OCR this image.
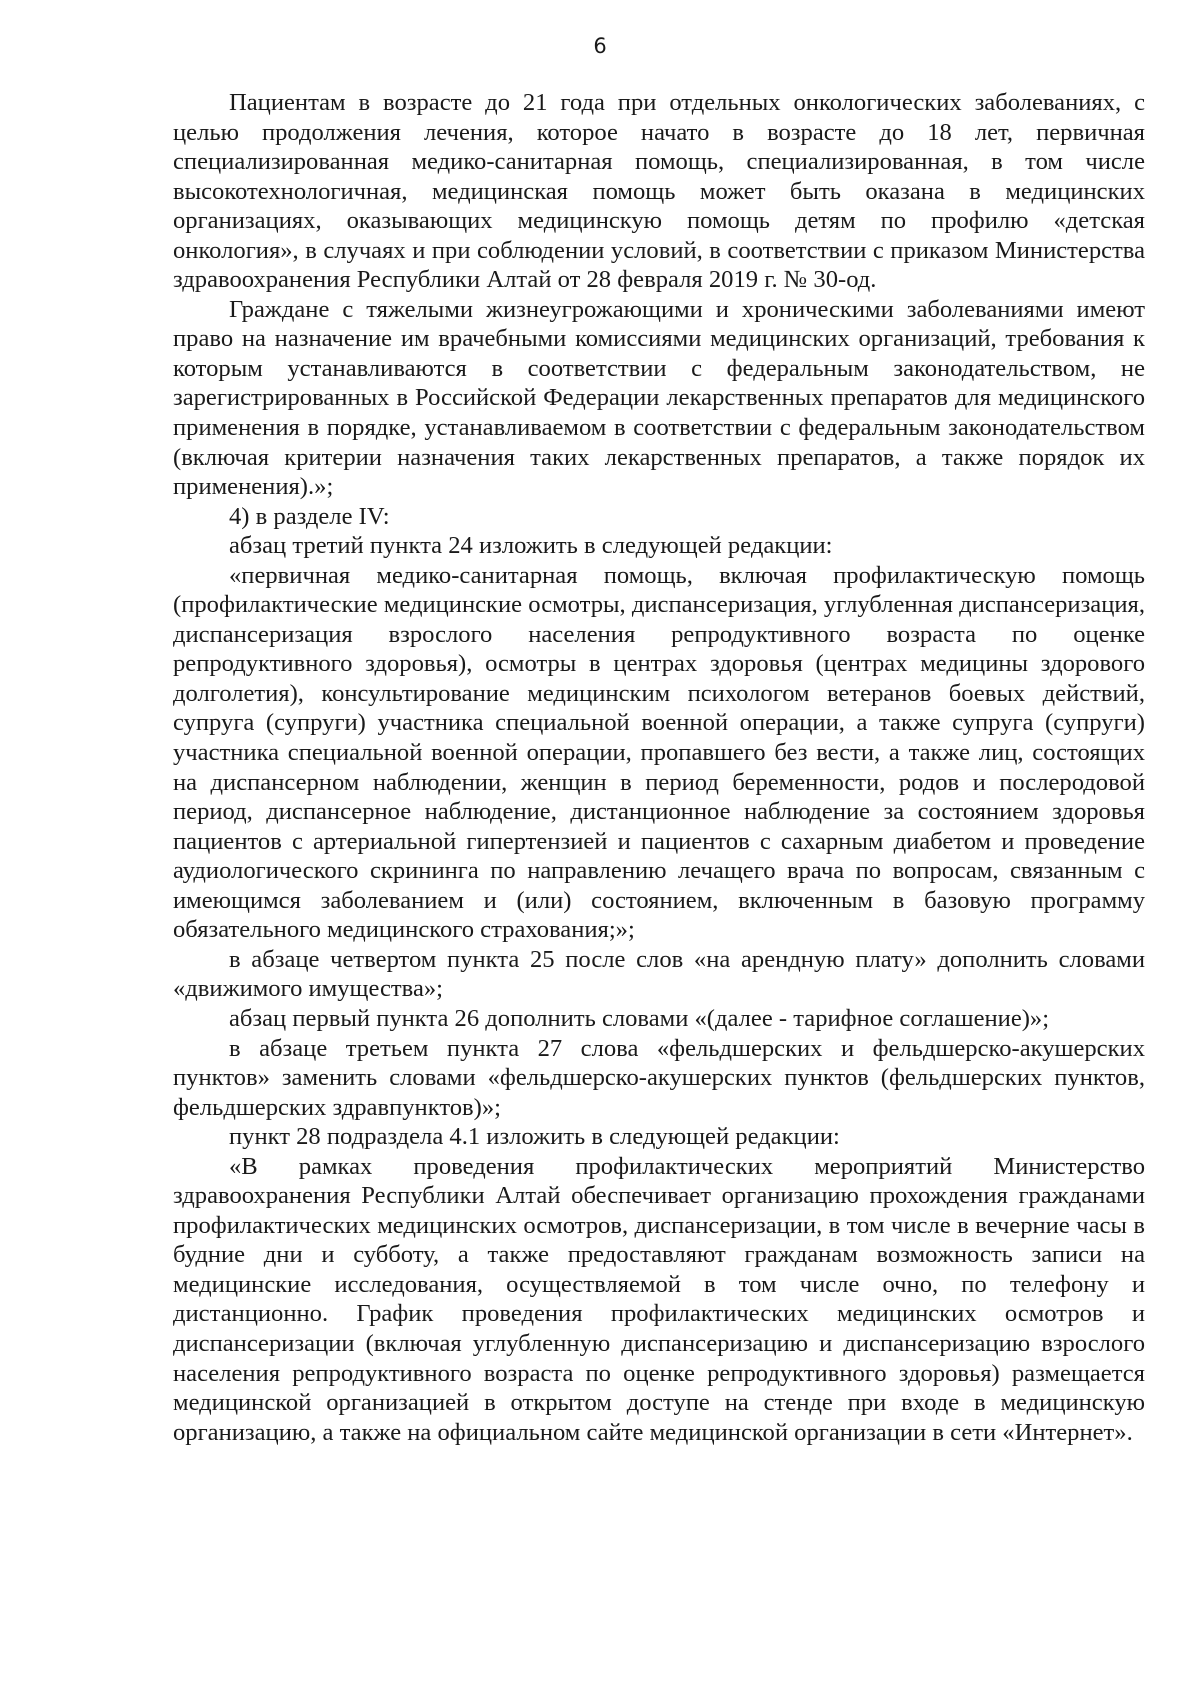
6

Пациентам в возрасте до 21 года при отдельных онкологических заболеваниях, с целью продолжения лечения, которое начато в возрасте до 18 лет, первичная специализированная медико-санитарная помощь, специализированная, в том числе высокотехнологичная, медицинская помощь может быть оказана в медицинских организациях, оказывающих медицинскую помощь детям по профилю «детская онкология», в случаях и при соблюдении условий, в соответствии с приказом Министерства здравоохранения Республики Алтай от 28 февраля 2019 г. № 30-од.

Граждане с тяжелыми жизнеугрожающими и хроническими заболеваниями имеют право на назначение им врачебными комиссиями медицинских организаций, требования к которым устанавливаются в соответствии с федеральным законодательством, не зарегистрированных в Российской Федерации лекарственных препаратов для медицинского применения в порядке, устанавливаемом в соответствии с федеральным законодательством (включая критерии назначения таких лекарственных препаратов, а также порядок их применения).»;

4) в разделе IV:

абзац третий пункта 24 изложить в следующей редакции:

«первичная медико-санитарная помощь, включая профилактическую помощь (профилактические медицинские осмотры, диспансеризация, углубленная диспансеризация, диспансеризация взрослого населения репродуктивного возраста по оценке репродуктивного здоровья), осмотры в центрах здоровья (центрах медицины здорового долголетия), консультирование медицинским психологом ветеранов боевых действий, супруга (супруги) участника специальной военной операции, а также супруга (супруги) участника специальной военной операции, пропавшего без вести, а также лиц, состоящих на диспансерном наблюдении, женщин в период беременности, родов и послеродовой период, диспансерное наблюдение, дистанционное наблюдение за состоянием здоровья пациентов с артериальной гипертензией и пациентов с сахарным диабетом и проведение аудиологического скрининга по направлению лечащего врача по вопросам, связанным с имеющимся заболеванием и (или) состоянием, включенным в базовую программу обязательного медицинского страхования;»;

в абзаце четвертом пункта 25 после слов «на арендную плату» дополнить словами «движимого имущества»;

абзац первый пункта 26 дополнить словами «(далее - тарифное соглашение)»;

в абзаце третьем пункта 27 слова «фельдшерских и фельдшерско-акушерских пунктов» заменить словами «фельдшерско-акушерских пунктов (фельдшерских пунктов, фельдшерских здравпунктов)»;

пункт 28 подраздела 4.1 изложить в следующей редакции:

«В рамках проведения профилактических мероприятий Министерство здравоохранения Республики Алтай обеспечивает организацию прохождения гражданами профилактических медицинских осмотров, диспансеризации, в том числе в вечерние часы в будние дни и субботу, а также предоставляют гражданам возможность записи на медицинские исследования, осуществляемой в том числе очно, по телефону и дистанционно. График проведения профилактических медицинских осмотров и диспансеризации (включая углубленную диспансеризацию и диспансеризацию взрослого населения репродуктивного возраста по оценке репродуктивного здоровья) размещается медицинской организацией в открытом доступе на стенде при входе в медицинскую организацию, а также на официальном сайте медицинской организации в сети «Интернет».
